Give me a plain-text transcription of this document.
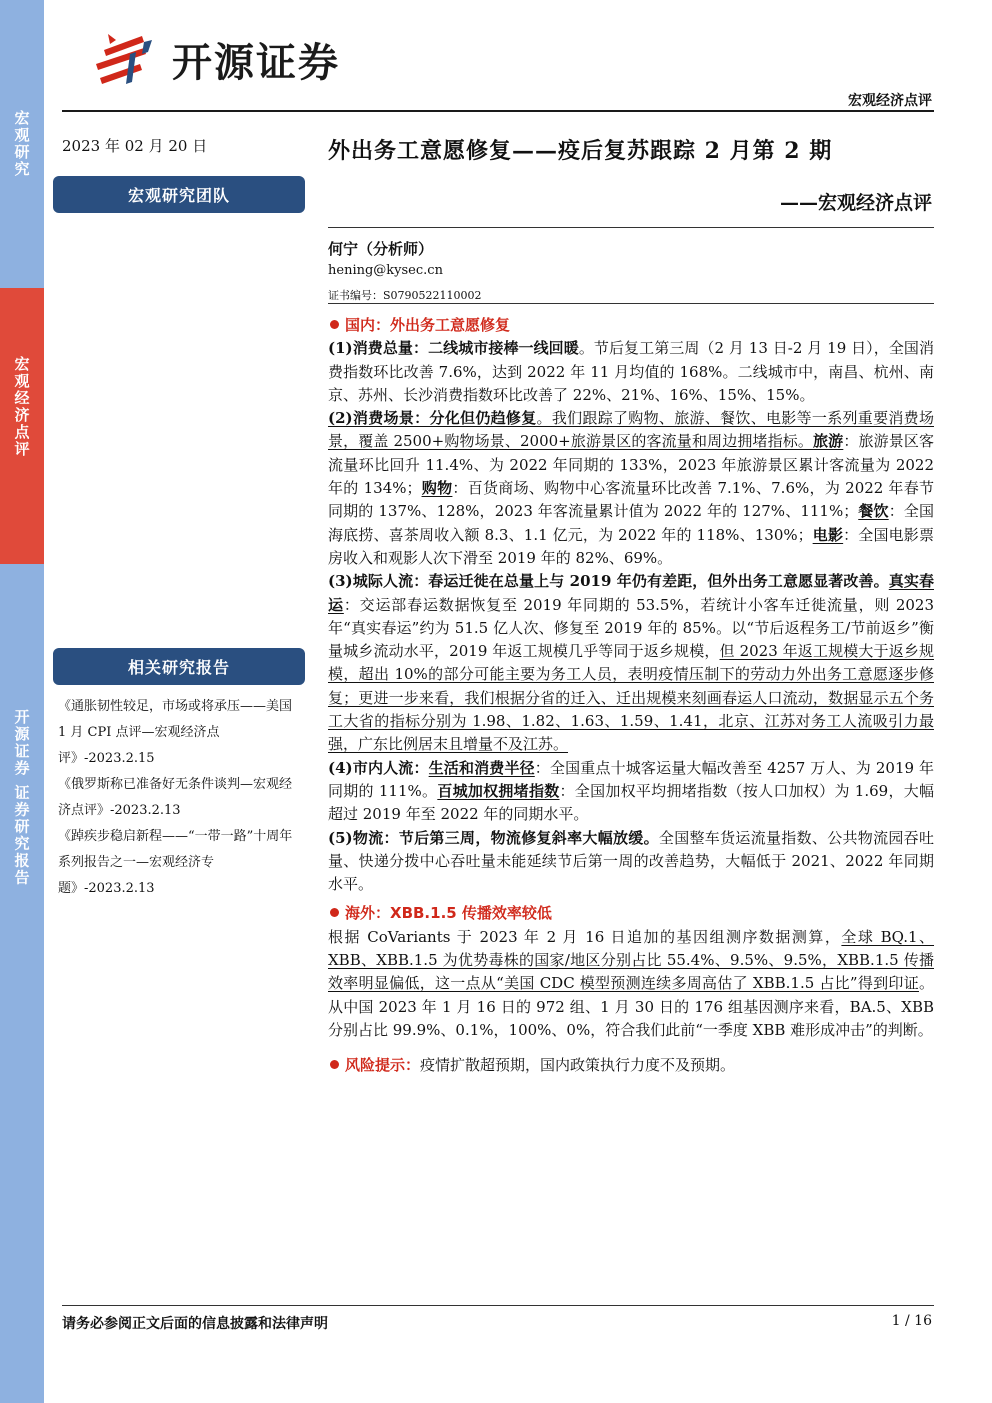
宏观研究
宏观经济点评
开源证券 证券研究报告
开源证券
宏观经济点评
2023 年 02 月 20 日
宏观研究团队
相关研究报告
《通胀韧性较足，市场或将承压——美国 1 月 CPI 点评—宏观经济点评》-2023.2.15
《俄罗斯称已准备好无条件谈判—宏观经济点评》-2023.2.13
《踔疾步稳启新程——“一带一路”十周年系列报告之一—宏观经济专题》-2023.2.13
外出务工意愿修复——疫后复苏跟踪 2 月第 2 期
——宏观经济点评
何宁（分析师）
hening@kysec.cn
证书编号：S0790522110002
国内：外出务工意愿修复

(1)消费总量：二线城市接棒一线回暖。节后复工第三周（2 月 13 日-2 月 19 日），全国消费指数环比改善 7.6%，达到 2022 年 11 月均值的 168%。二线城市中，南昌、杭州、南京、苏州、长沙消费指数环比改善了 22%、21%、16%、15%、15%。

(2)消费场景：分化但仍趋修复。我们跟踪了购物、旅游、餐饮、电影等一系列重要消费场景，覆盖 2500+购物场景、2000+旅游景区的客流量和周边拥堵指标。旅游：旅游景区客流量环比回升 11.4%、为 2022 年同期的 133%，2023 年旅游景区累计客流量为 2022 年的 134%；购物：百货商场、购物中心客流量环比改善 7.1%、7.6%，为 2022 年春节同期的 137%、128%，2023 年客流量累计值为 2022 年的 127%、111%；餐饮：全国海底捞、喜茶周收入额 8.3、1.1 亿元，为 2022 年的 118%、130%；电影：全国电影票房收入和观影人次下滑至 2019 年的 82%、69%。

(3)城际人流：春运迁徙在总量上与 2019 年仍有差距，但外出务工意愿显著改善。真实春运：交运部春运数据恢复至 2019 年同期的 53.5%，若统计小客车迁徙流量，则 2023 年“真实春运”约为 51.5 亿人次、修复至 2019 年的 85%。以“节后返程务工/节前返乡”衡量城乡流动水平，2019 年返工规模几乎等同于返乡规模，但 2023 年返工规模大于返乡规模，超出 10%的部分可能主要为务工人员，表明疫情压制下的劳动力外出务工意愿逐步修复；更进一步来看，我们根据分省的迁入、迁出规模来刻画春运人口流动，数据显示五个务工大省的指标分别为 1.98、1.82、1.63、1.59、1.41，北京、江苏对务工人流吸引力最强，广东比例居末且增量不及江苏。

(4)市内人流：生活和消费半径：全国重点十城客运量大幅改善至 4257 万人、为 2019 年同期的 111%。百城加权拥堵指数：全国加权平均拥堵指数（按人口加权）为 1.69，大幅超过 2019 年至 2022 年的同期水平。

(5)物流：节后第三周，物流修复斜率大幅放缓。全国整车货运流量指数、公共物流园吞吐量、快递分拨中心吞吐量未能延续节后第一周的改善趋势，大幅低于 2021、2022 年同期水平。

海外：XBB.1.5 传播效率较低

根据 CoVariants 于 2023 年 2 月 16 日追加的基因组测序数据测算，全球 BQ.1、XBB、XBB.1.5 为优势毒株的国家/地区分别占比 55.4%、9.5%、9.5%，XBB.1.5 传播效率明显偏低，这一点从“美国 CDC 模型预测连续多周高估了 XBB.1.5 占比”得到印证。从中国 2023 年 1 月 16 日的 972 组、1 月 30 日的 176 组基因测序来看，BA.5、XBB 分别占比 99.9%、0.1%，100%、0%，符合我们此前“一季度 XBB 难形成冲击”的判断。

风险提示：疫情扩散超预期，国内政策执行力度不及预期。

请务必参阅正文后面的信息披露和法律声明	1 / 16
